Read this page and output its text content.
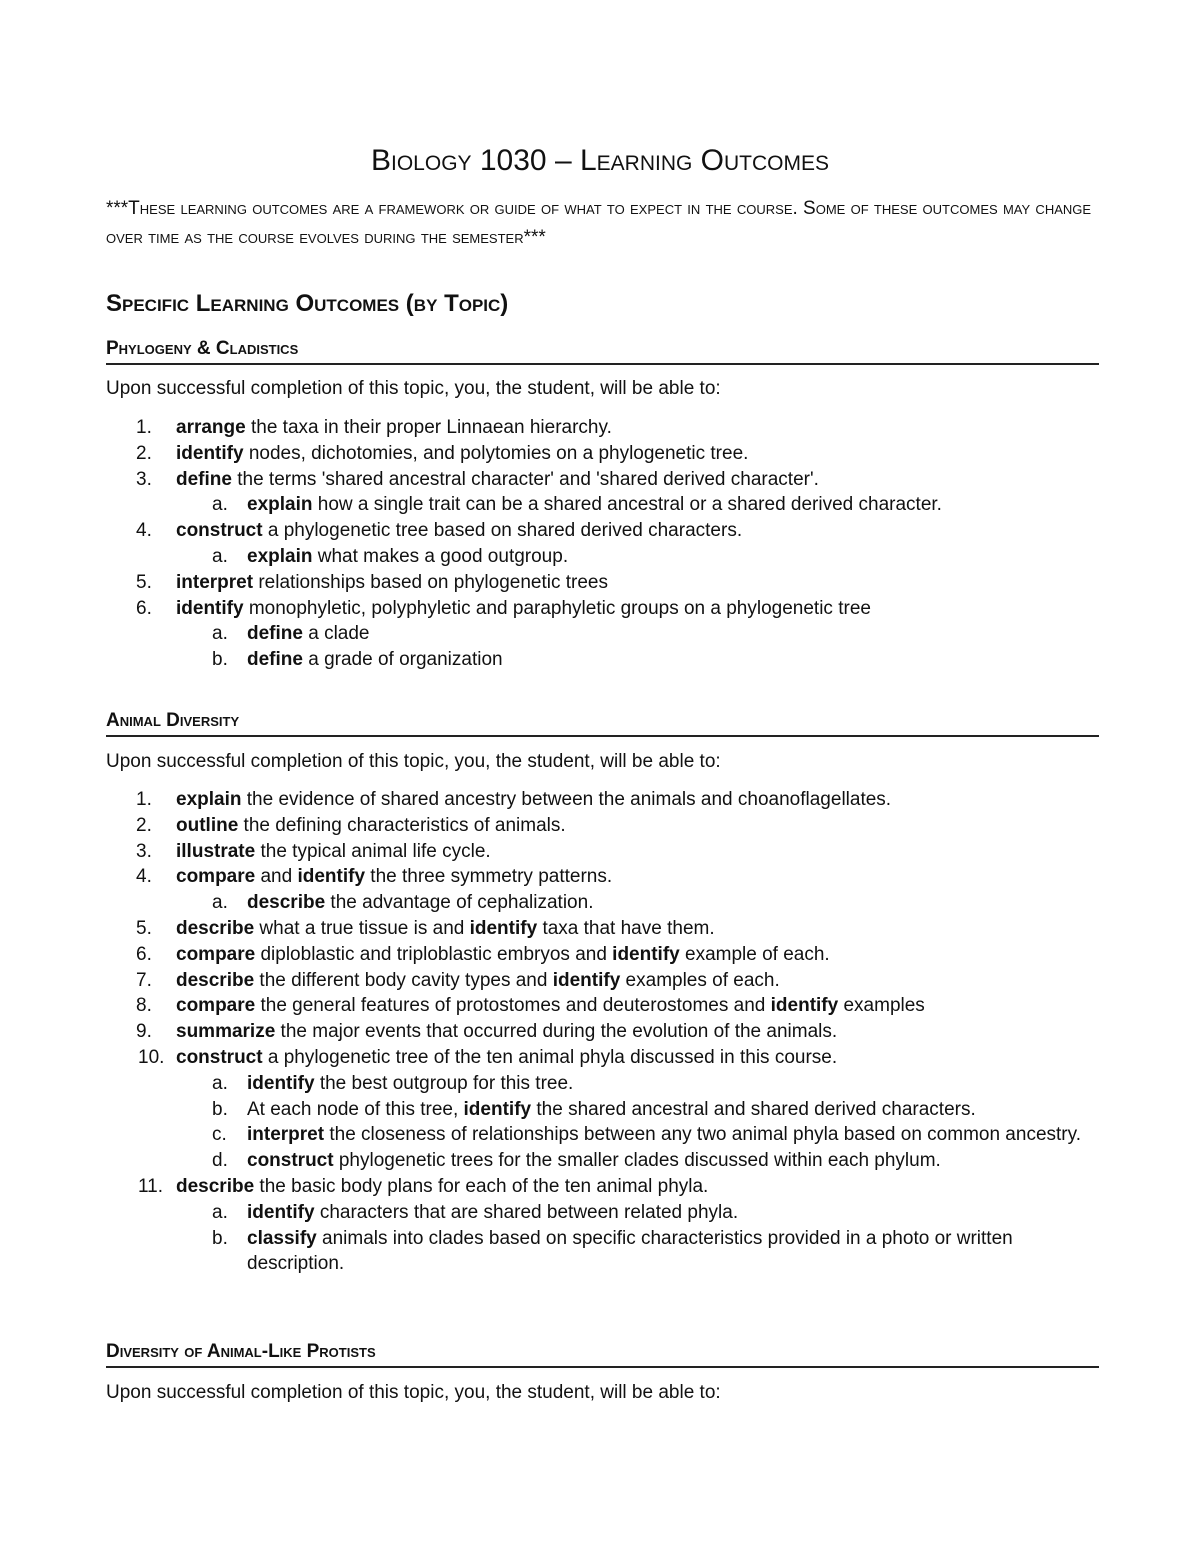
Biology 1030 – Learning Outcomes

***These learning outcomes are a framework or guide of what to expect in the course. Some of these outcomes may change over time as the course evolves during the semester***

Specific Learning Outcomes (by Topic)
Phylogeny & Cladistics

Upon successful completion of this topic, you, the student, will be able to:

1.	arrange the taxa in their proper Linnaean hierarchy.
2.	identify nodes, dichotomies, and polytomies on a phylogenetic tree.
3.	define the terms 'shared ancestral character' and 'shared derived character'.
a.	explain how a single trait can be a shared ancestral or a shared derived character.
4.	construct a phylogenetic tree based on shared derived characters.
a.	explain what makes a good outgroup.
5.	interpret relationships based on phylogenetic trees
6.	identify monophyletic, polyphyletic and paraphyletic groups on a phylogenetic tree
a.	define a clade
b.	define a grade of organization
Animal Diversity

Upon successful completion of this topic, you, the student, will be able to:

1.	explain the evidence of shared ancestry between the animals and choanoflagellates.
2.	outline the defining characteristics of animals.
3.	illustrate the typical animal life cycle.
4.	compare and identify the three symmetry patterns.
a.	describe the advantage of cephalization.
5.	describe what a true tissue is and identify taxa that have them.
6.	compare diploblastic and triploblastic embryos and identify example of each.
7.	describe the different body cavity types and identify examples of each.
8.	compare the general features of protostomes and deuterostomes and identify examples
9.	summarize the major events that occurred during the evolution of the animals.
10. construct a phylogenetic tree of the ten animal phyla discussed in this course.
a.	identify the best outgroup for this tree.
b.	At each node of this tree, identify the shared ancestral and shared derived characters.
c.	interpret the closeness of relationships between any two animal phyla based on common ancestry.
d.	construct phylogenetic trees for the smaller clades discussed within each phylum.
11. describe the basic body plans for each of the ten animal phyla.
a.	identify characters that are shared between related phyla.
b.	classify animals into clades based on specific characteristics provided in a photo or written description.
Diversity of Animal-Like Protists

Upon successful completion of this topic, you, the student, will be able to:
